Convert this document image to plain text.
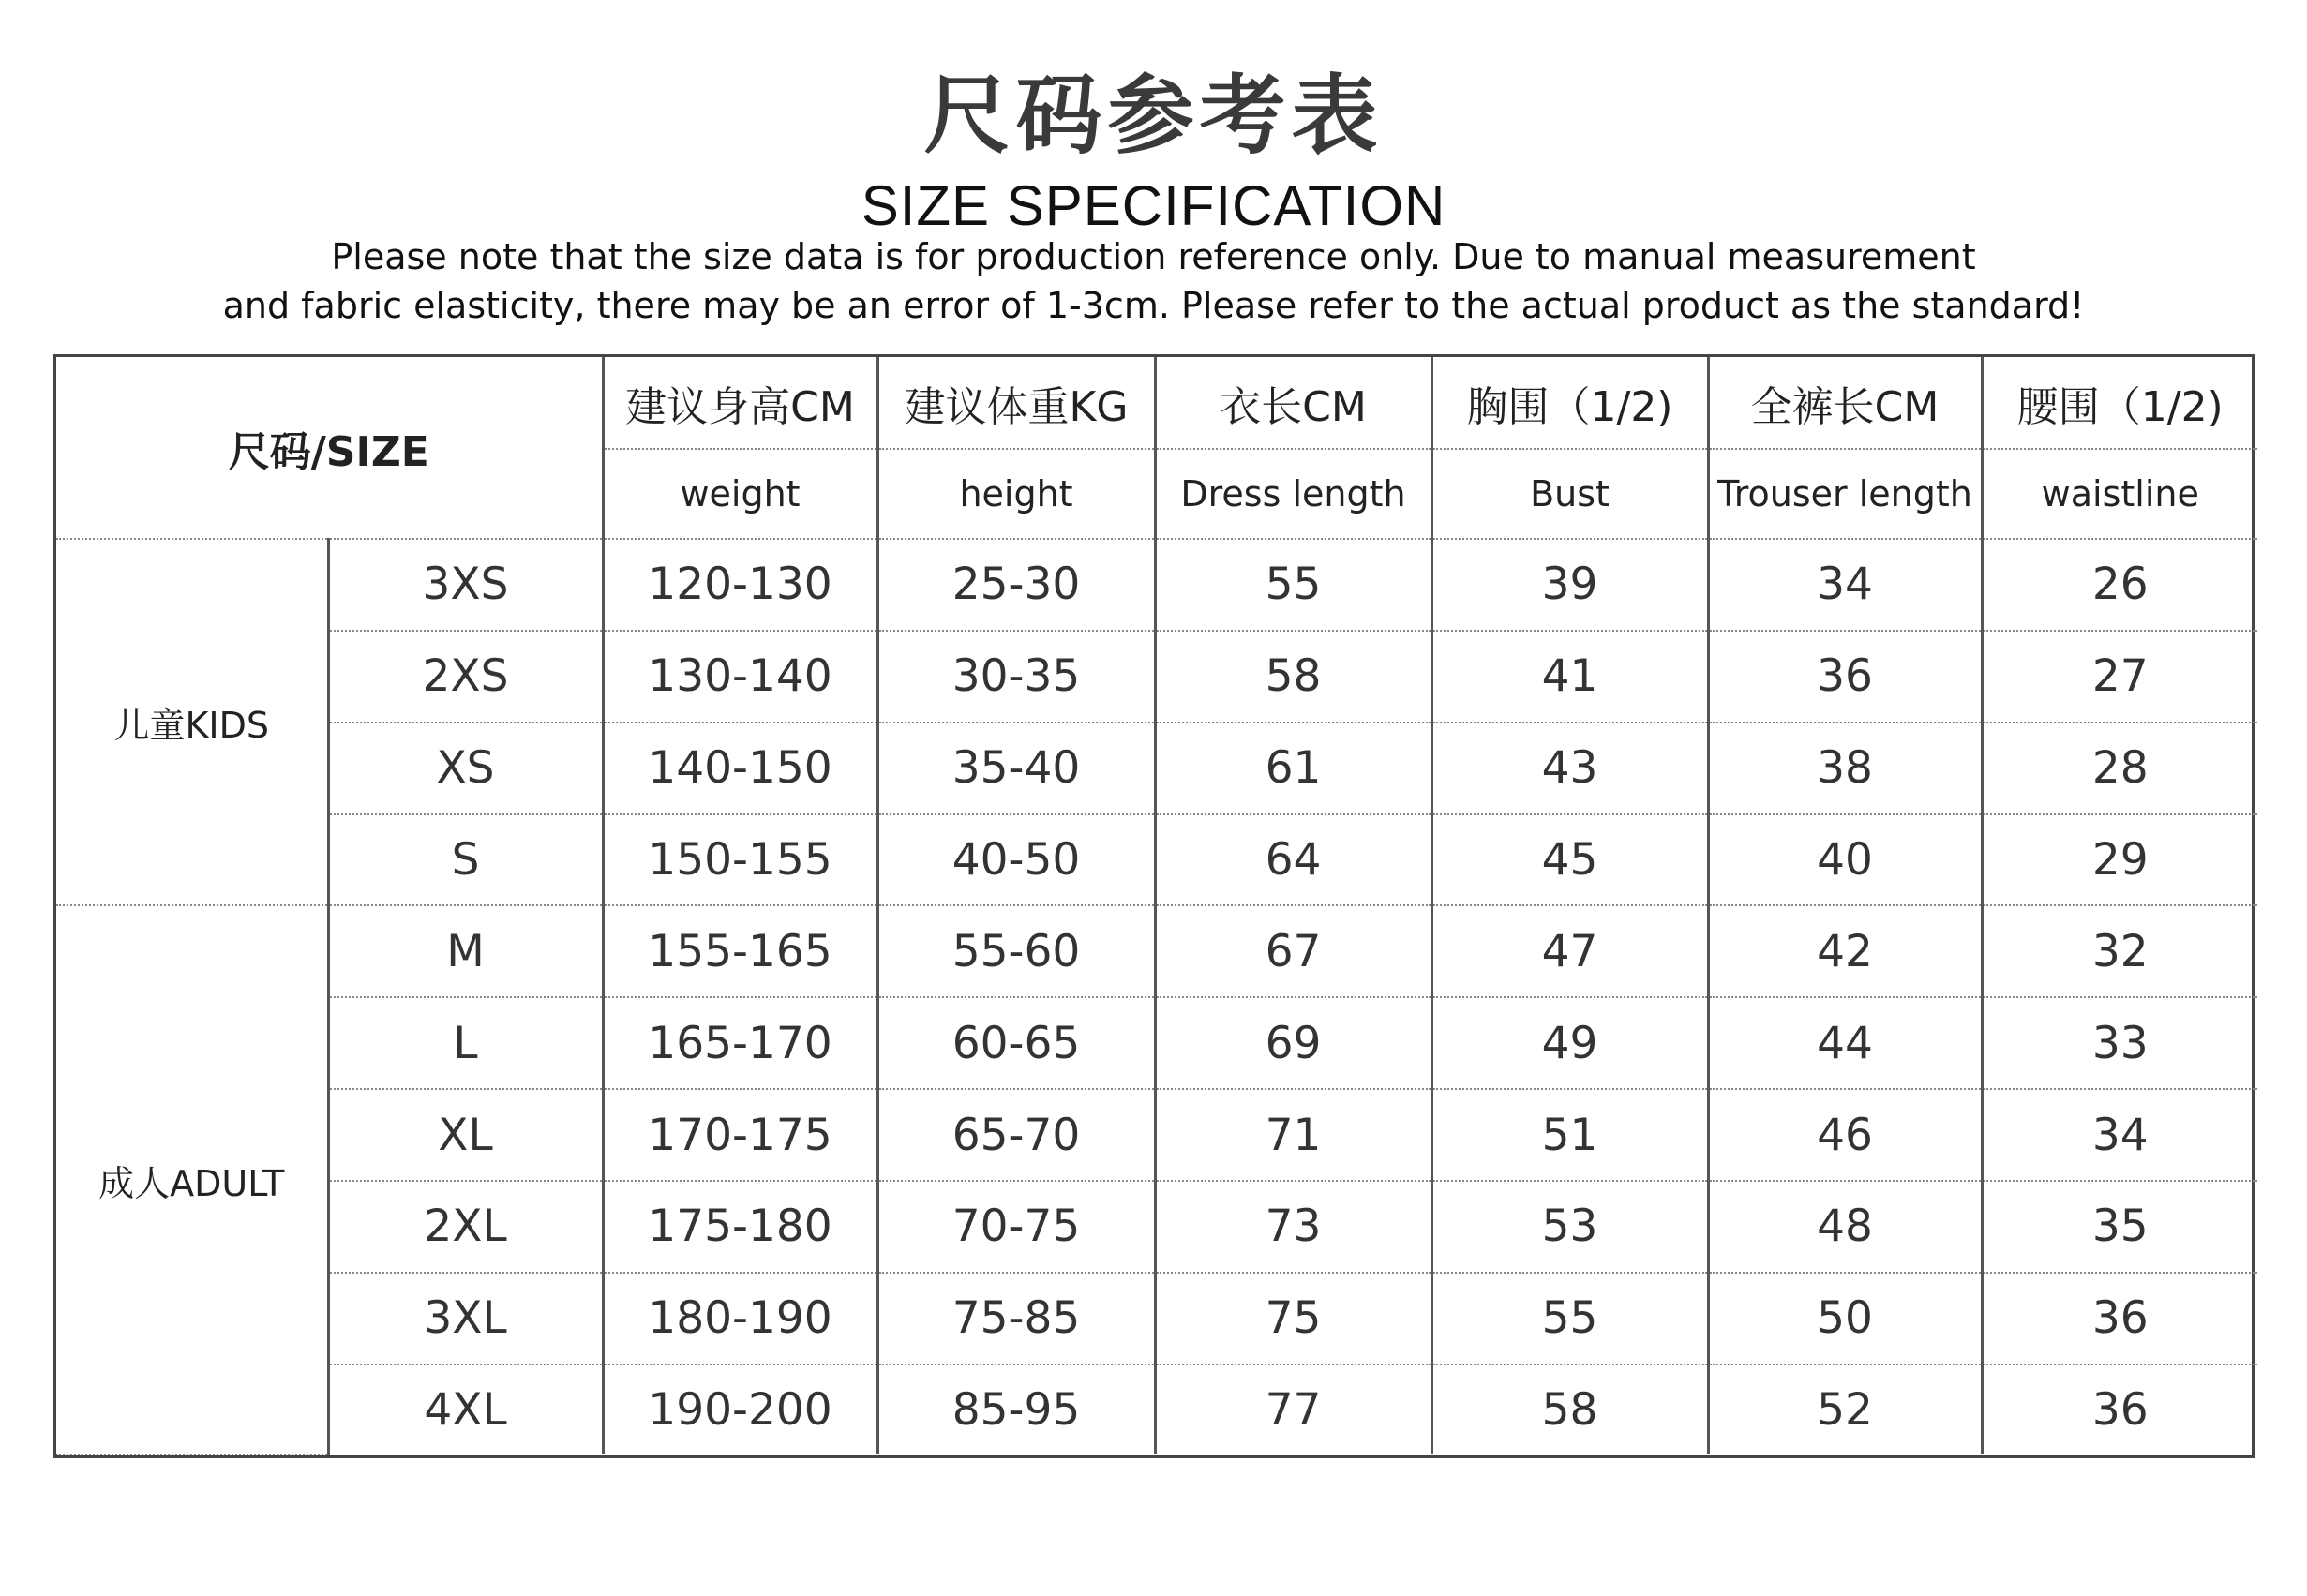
尺码参考表
SIZE SPECIFICATION
Please note that the size data is for production reference only. Due to manual measurement
and fabric elasticity, there may be an error of 1-3cm. Please refer to the actual product as the standard!
尺码/SIZE		建议身高CM	建议体重KG	衣长CM	胸围（1/2)	全裤长CM	腰围（1/2)
		weight	height	Dress length	Bust	Trouser length	waistline
儿童KIDS	3XS	120-130	25-30	55	39	34	26
	2XS	130-140	30-35	58	41	36	27
	XS	140-150	35-40	61	43	38	28
	S	150-155	40-50	64	45	40	29
成人ADULT	M	155-165	55-60	67	47	42	32
	L	165-170	60-65	69	49	44	33
	XL	170-175	65-70	71	51	46	34
	2XL	175-180	70-75	73	53	48	35
	3XL	180-190	75-85	75	55	50	36
	4XL	190-200	85-95	77	58	52	36
